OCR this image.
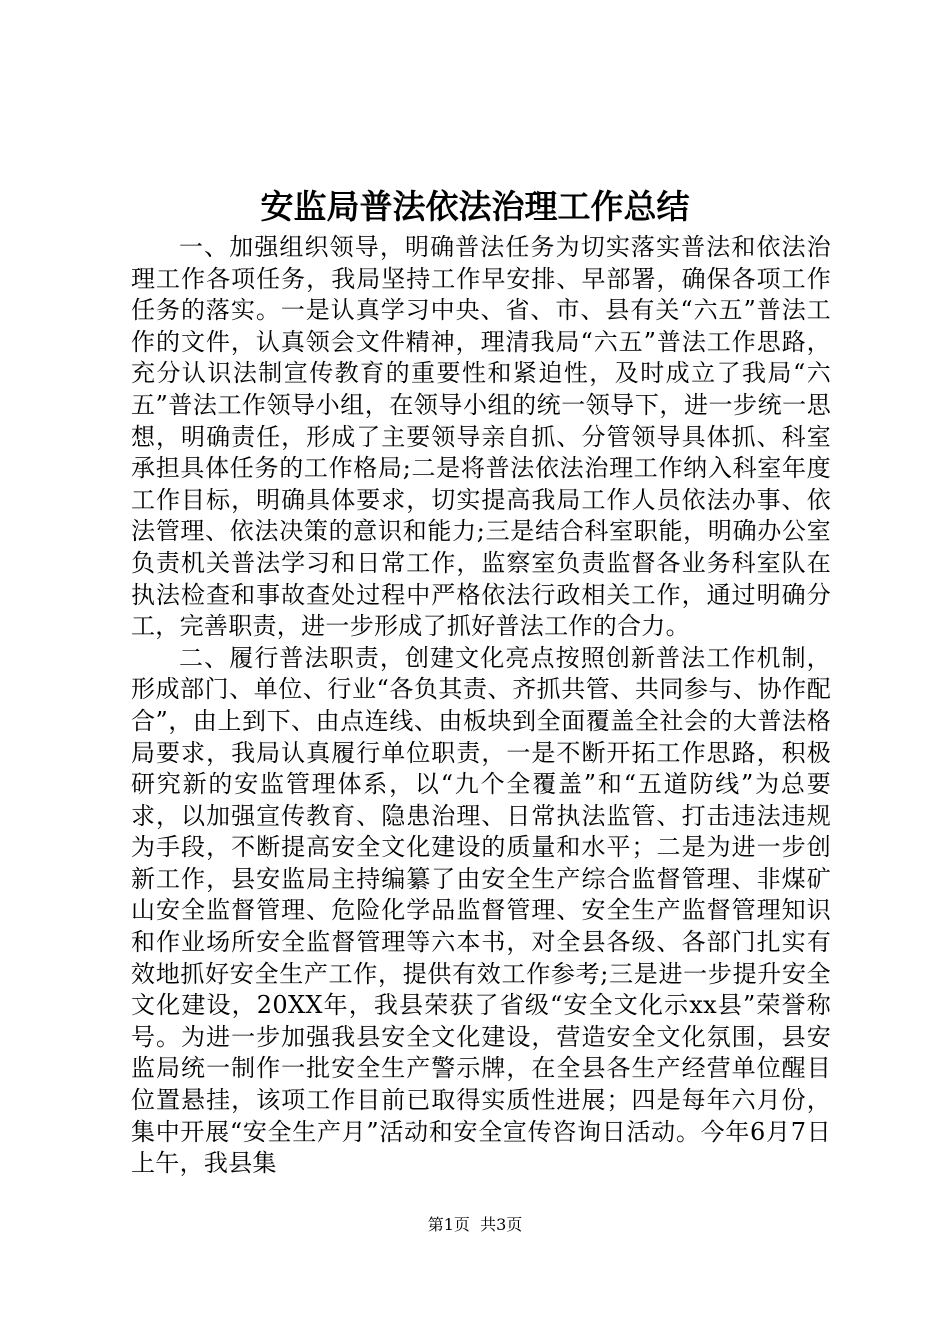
安监局普法依法治理工作总结

一、加强组织领导，明确普法任务为切实落实普法和依法治理工作各项任务，我局坚持工作早安排、早部署，确保各项工作任务的落实。一是认真学习中央、省、市、县有关“六五”普法工作的文件，认真领会文件精神，理清我局“六五”普法工作思路，充分认识法制宣传教育的重要性和紧迫性，及时成立了我局“六五”普法工作领导小组，在领导小组的统一领导下，进一步统一思想，明确责任，形成了主要领导亲自抓、分管领导具体抓、科室承担具体任务的工作格局;二是将普法依法治理工作纳入科室年度工作目标，明确具体要求，切实提高我局工作人员依法办事、依法管理、依法决策的意识和能力;三是结合科室职能，明确办公室负责机关普法学习和日常工作，监察室负责监督各业务科室队在执法检查和事故查处过程中严格依法行政相关工作，通过明确分工，完善职责，进一步形成了抓好普法工作的合力。

二、履行普法职责，创建文化亮点按照创新普法工作机制，形成部门、单位、行业“各负其责、齐抓共管、共同参与、协作配合”，由上到下、由点连线、由板块到全面覆盖全社会的大普法格局要求，我局认真履行单位职责，一是不断开拓工作思路，积极研究新的安监管理体系，以“九个全覆盖”和“五道防线”为总要求，以加强宣传教育、隐患治理、日常执法监管、打击违法违规为手段，不断提高安全文化建设的质量和水平；二是为进一步创新工作，县安监局主持编纂了由安全生产综合监督管理、非煤矿山安全监督管理、危险化学品监督管理、安全生产监督管理知识和作业场所安全监督管理等六本书，对全县各级、各部门扎实有效地抓好安全生产工作，提供有效工作参考;三是进一步提升安全文化建设，20XX年，我县荣获了省级“安全文化示xx县”荣誉称号。为进一步加强我县安全文化建设，营造安全文化氛围，县安监局统一制作一批安全生产警示牌，在全县各生产经营单位醒目位置悬挂，该项工作目前已取得实质性进展；四是每年六月份，集中开展“安全生产月”活动和安全宣传咨询日活动。今年6月7日上午，我县集

第1页 共3页
